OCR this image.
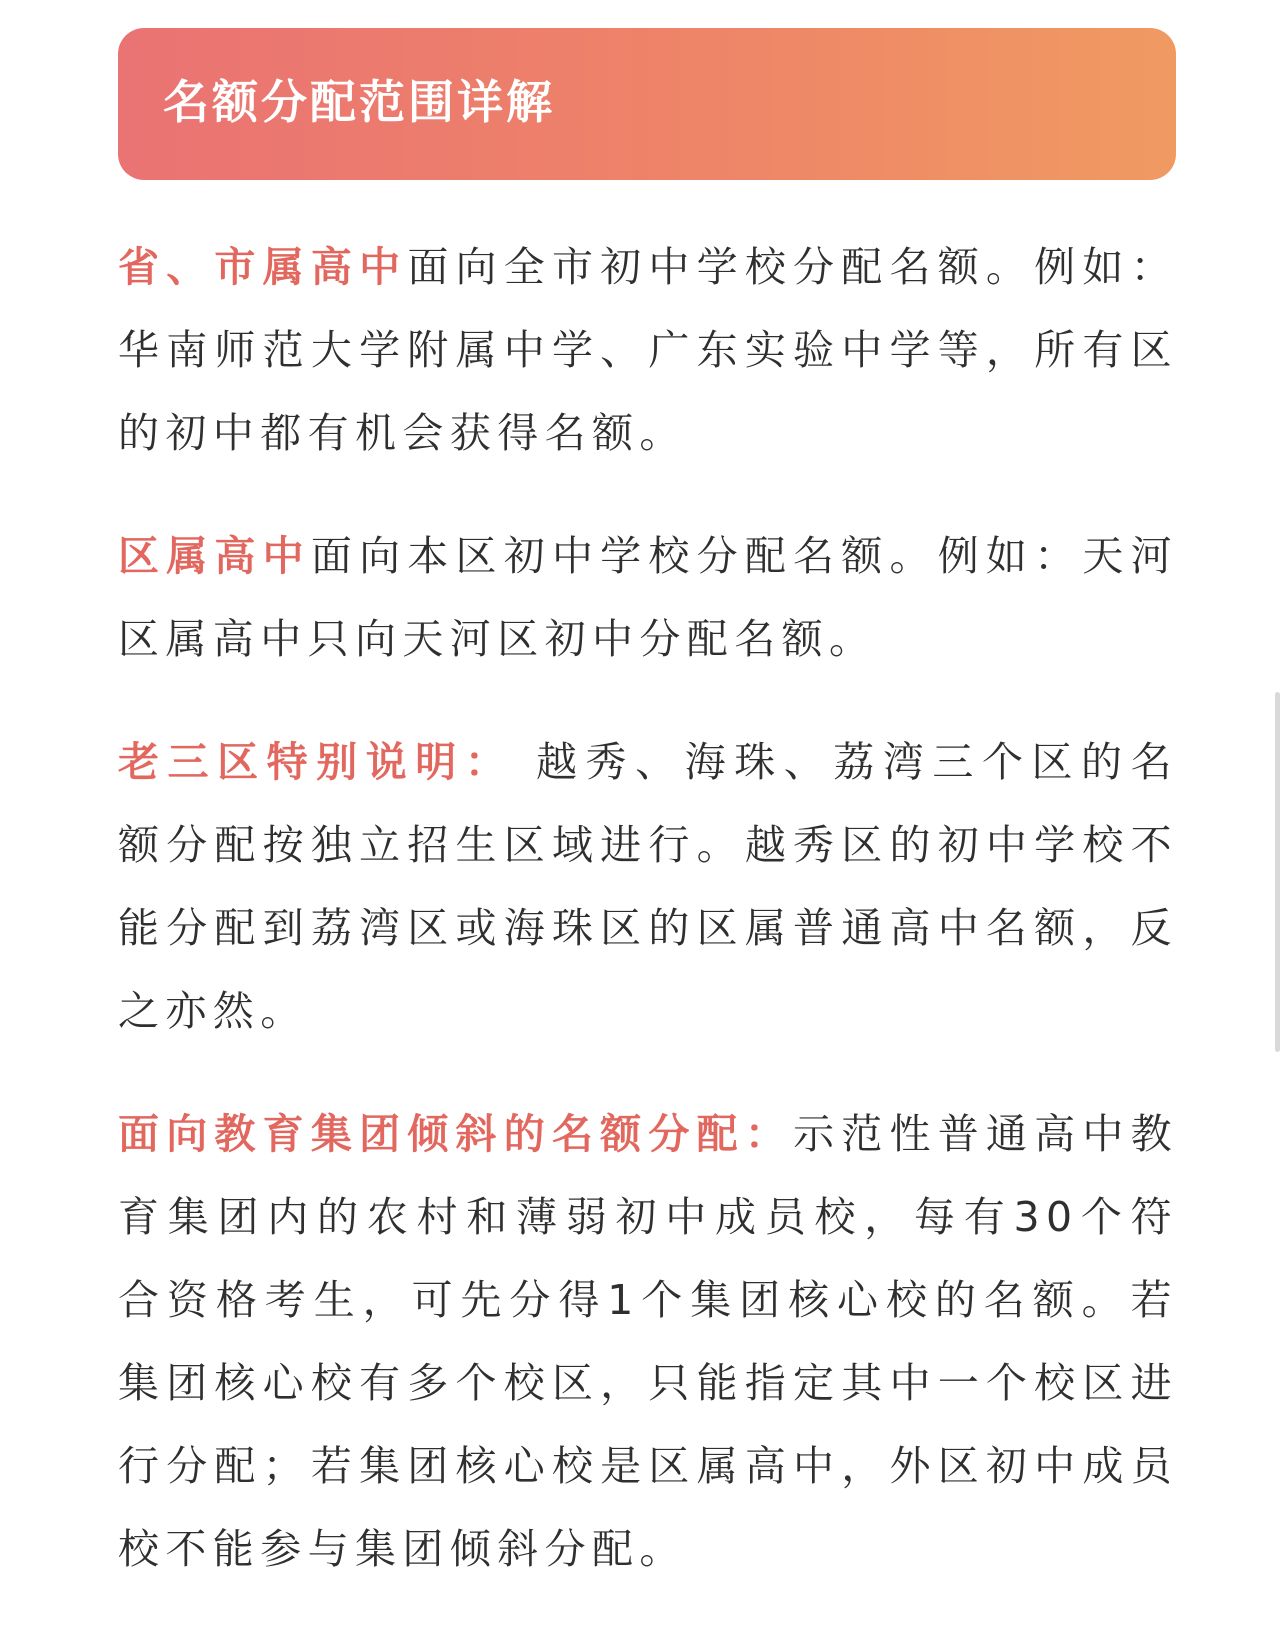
名额分配范围详解

省、市属高中面向全市初中学校分配名额。例如：华南师范大学附属中学、广东实验中学等，所有区的初中都有机会获得名额。

区属高中面向本区初中学校分配名额。例如：天河区属高中只向天河区初中分配名额。

老三区特别说明： 越秀、海珠、荔湾三个区的名额分配按独立招生区域进行。越秀区的初中学校不能分配到荔湾区或海珠区的区属普通高中名额，反之亦然。

面向教育集团倾斜的名额分配：示范性普通高中教育集团内的农村和薄弱初中成员校，每有30个符合资格考生，可先分得1个集团核心校的名额。若集团核心校有多个校区，只能指定其中一个校区进行分配；若集团核心校是区属高中，外区初中成员校不能参与集团倾斜分配。
